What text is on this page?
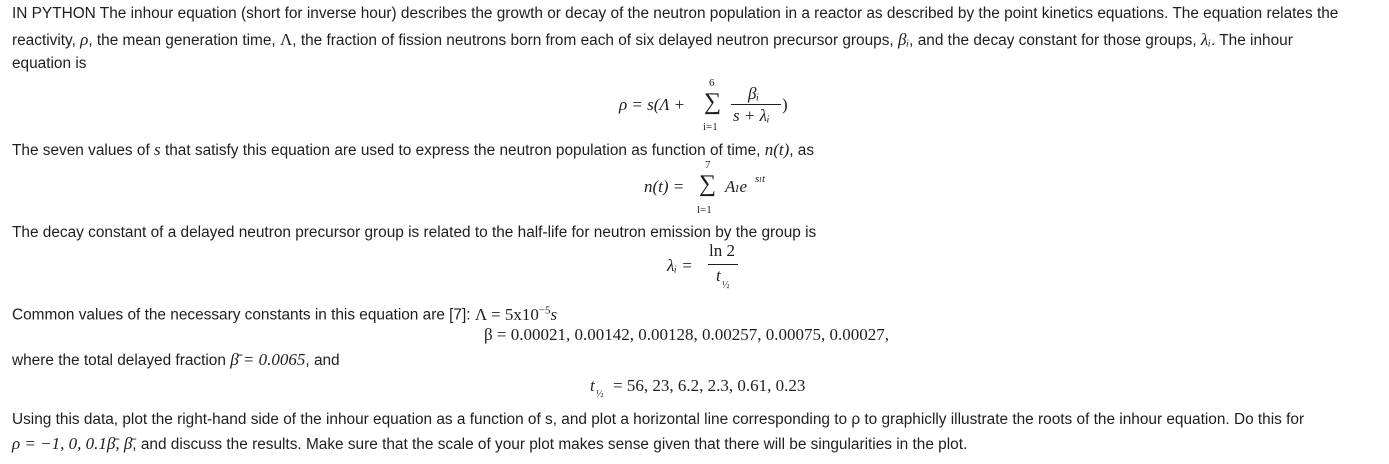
IN PYTHON The inhour equation (short for inverse hour) describes the growth or decay of the neutron population in a reactor as described by the point kinetics equations. The equation relates the
reactivity, ρ, the mean generation time, Λ, the fraction of fission neutrons born from each of six delayed neutron precursor groups, βᵢ, and the decay constant for those groups, λᵢ. The inhour
equation is
ρ = s(Λ +
6
∑
i=1
βᵢ
s + λᵢ
)
The seven values of s that satisfy this equation are used to express the neutron population as function of time, n(t), as
n(t) =
7
∑
l=1
Aₗe sₗt
The decay constant of a delayed neutron precursor group is related to the half-life for neutron emission by the group is
λᵢ =
ln 2
t
½
Common values of the necessary constants in this equation are [7]: $\Lambda = 5x10^{-5}s$
β = 0.00021, 0.00142, 0.00128, 0.00257, 0.00075, 0.00027,
where the total delayed fraction β̄ = 0.0065, and
t ½ = 56, 23, 6.2, 2.3, 0.61, 0.23
Using this data, plot the right-hand side of the inhour equation as a function of s, and plot a horizontal line corresponding to ρ to graphiclly illustrate the roots of the inhour equation. Do this for
ρ = −1, 0, 0.1β̄, β̄, and discuss the results. Make sure that the scale of your plot makes sense given that there will be singularities in the plot.
